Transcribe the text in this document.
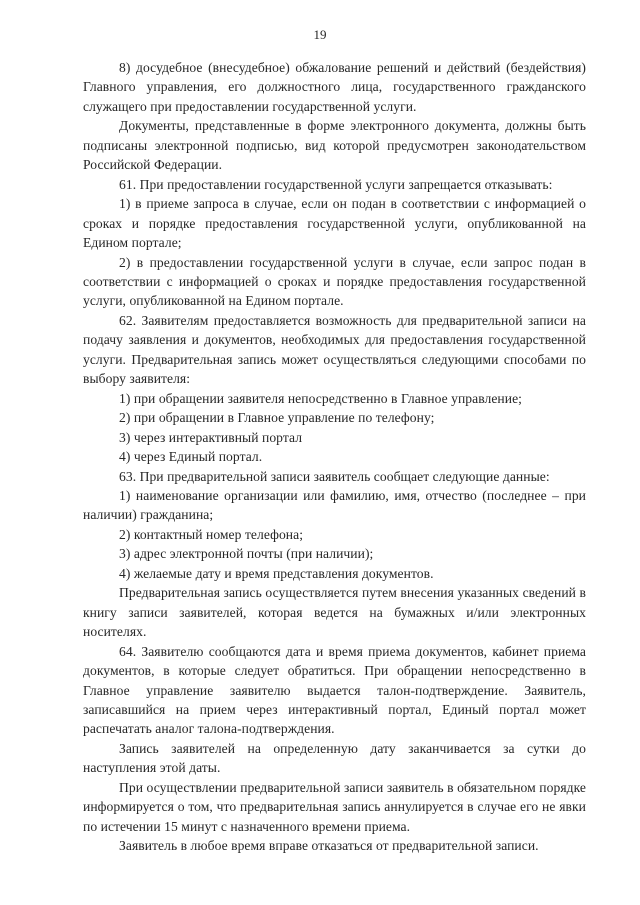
19

8) досудебное (внесудебное) обжалование решений и действий (бездействия) Главного управления, его должностного лица, государственного гражданского служащего при предоставлении государственной услуги.

Документы, представленные в форме электронного документа, должны быть подписаны электронной подписью, вид которой предусмотрен законодательством Российской Федерации.

61. При предоставлении государственной услуги запрещается отказывать:

1) в приеме запроса в случае, если он подан в соответствии с информацией о сроках и порядке предоставления государственной услуги, опубликованной на Едином портале;

2) в предоставлении государственной услуги в случае, если запрос подан в соответствии с информацией о сроках и порядке предоставления государственной услуги, опубликованной на Едином портале.

62. Заявителям предоставляется возможность для предварительной записи на подачу заявления и документов, необходимых для предоставления государственной услуги. Предварительная запись может осуществляться следующими способами по выбору заявителя:

1) при обращении заявителя непосредственно в Главное управление;

2) при обращении в Главное управление по телефону;

3) через интерактивный портал

4) через Единый портал.

63. При предварительной записи заявитель сообщает следующие данные:

1) наименование организации или фамилию, имя, отчество (последнее – при наличии) гражданина;

2) контактный номер телефона;

3) адрес электронной почты (при наличии);

4) желаемые дату и время представления документов.

Предварительная запись осуществляется путем внесения указанных сведений в книгу записи заявителей, которая ведется на бумажных и/или электронных носителях.

64. Заявителю сообщаются дата и время приема документов, кабинет приема документов, в которые следует обратиться. При обращении непосредственно в Главное управление заявителю выдается талон-подтверждение. Заявитель, записавшийся на прием через интерактивный портал, Единый портал может распечатать аналог талона-подтверждения.

Запись заявителей на определенную дату заканчивается за сутки до наступления этой даты.

При осуществлении предварительной записи заявитель в обязательном порядке информируется о том, что предварительная запись аннулируется в случае его не явки по истечении 15 минут с назначенного времени приема.

Заявитель в любое время вправе отказаться от предварительной записи.
